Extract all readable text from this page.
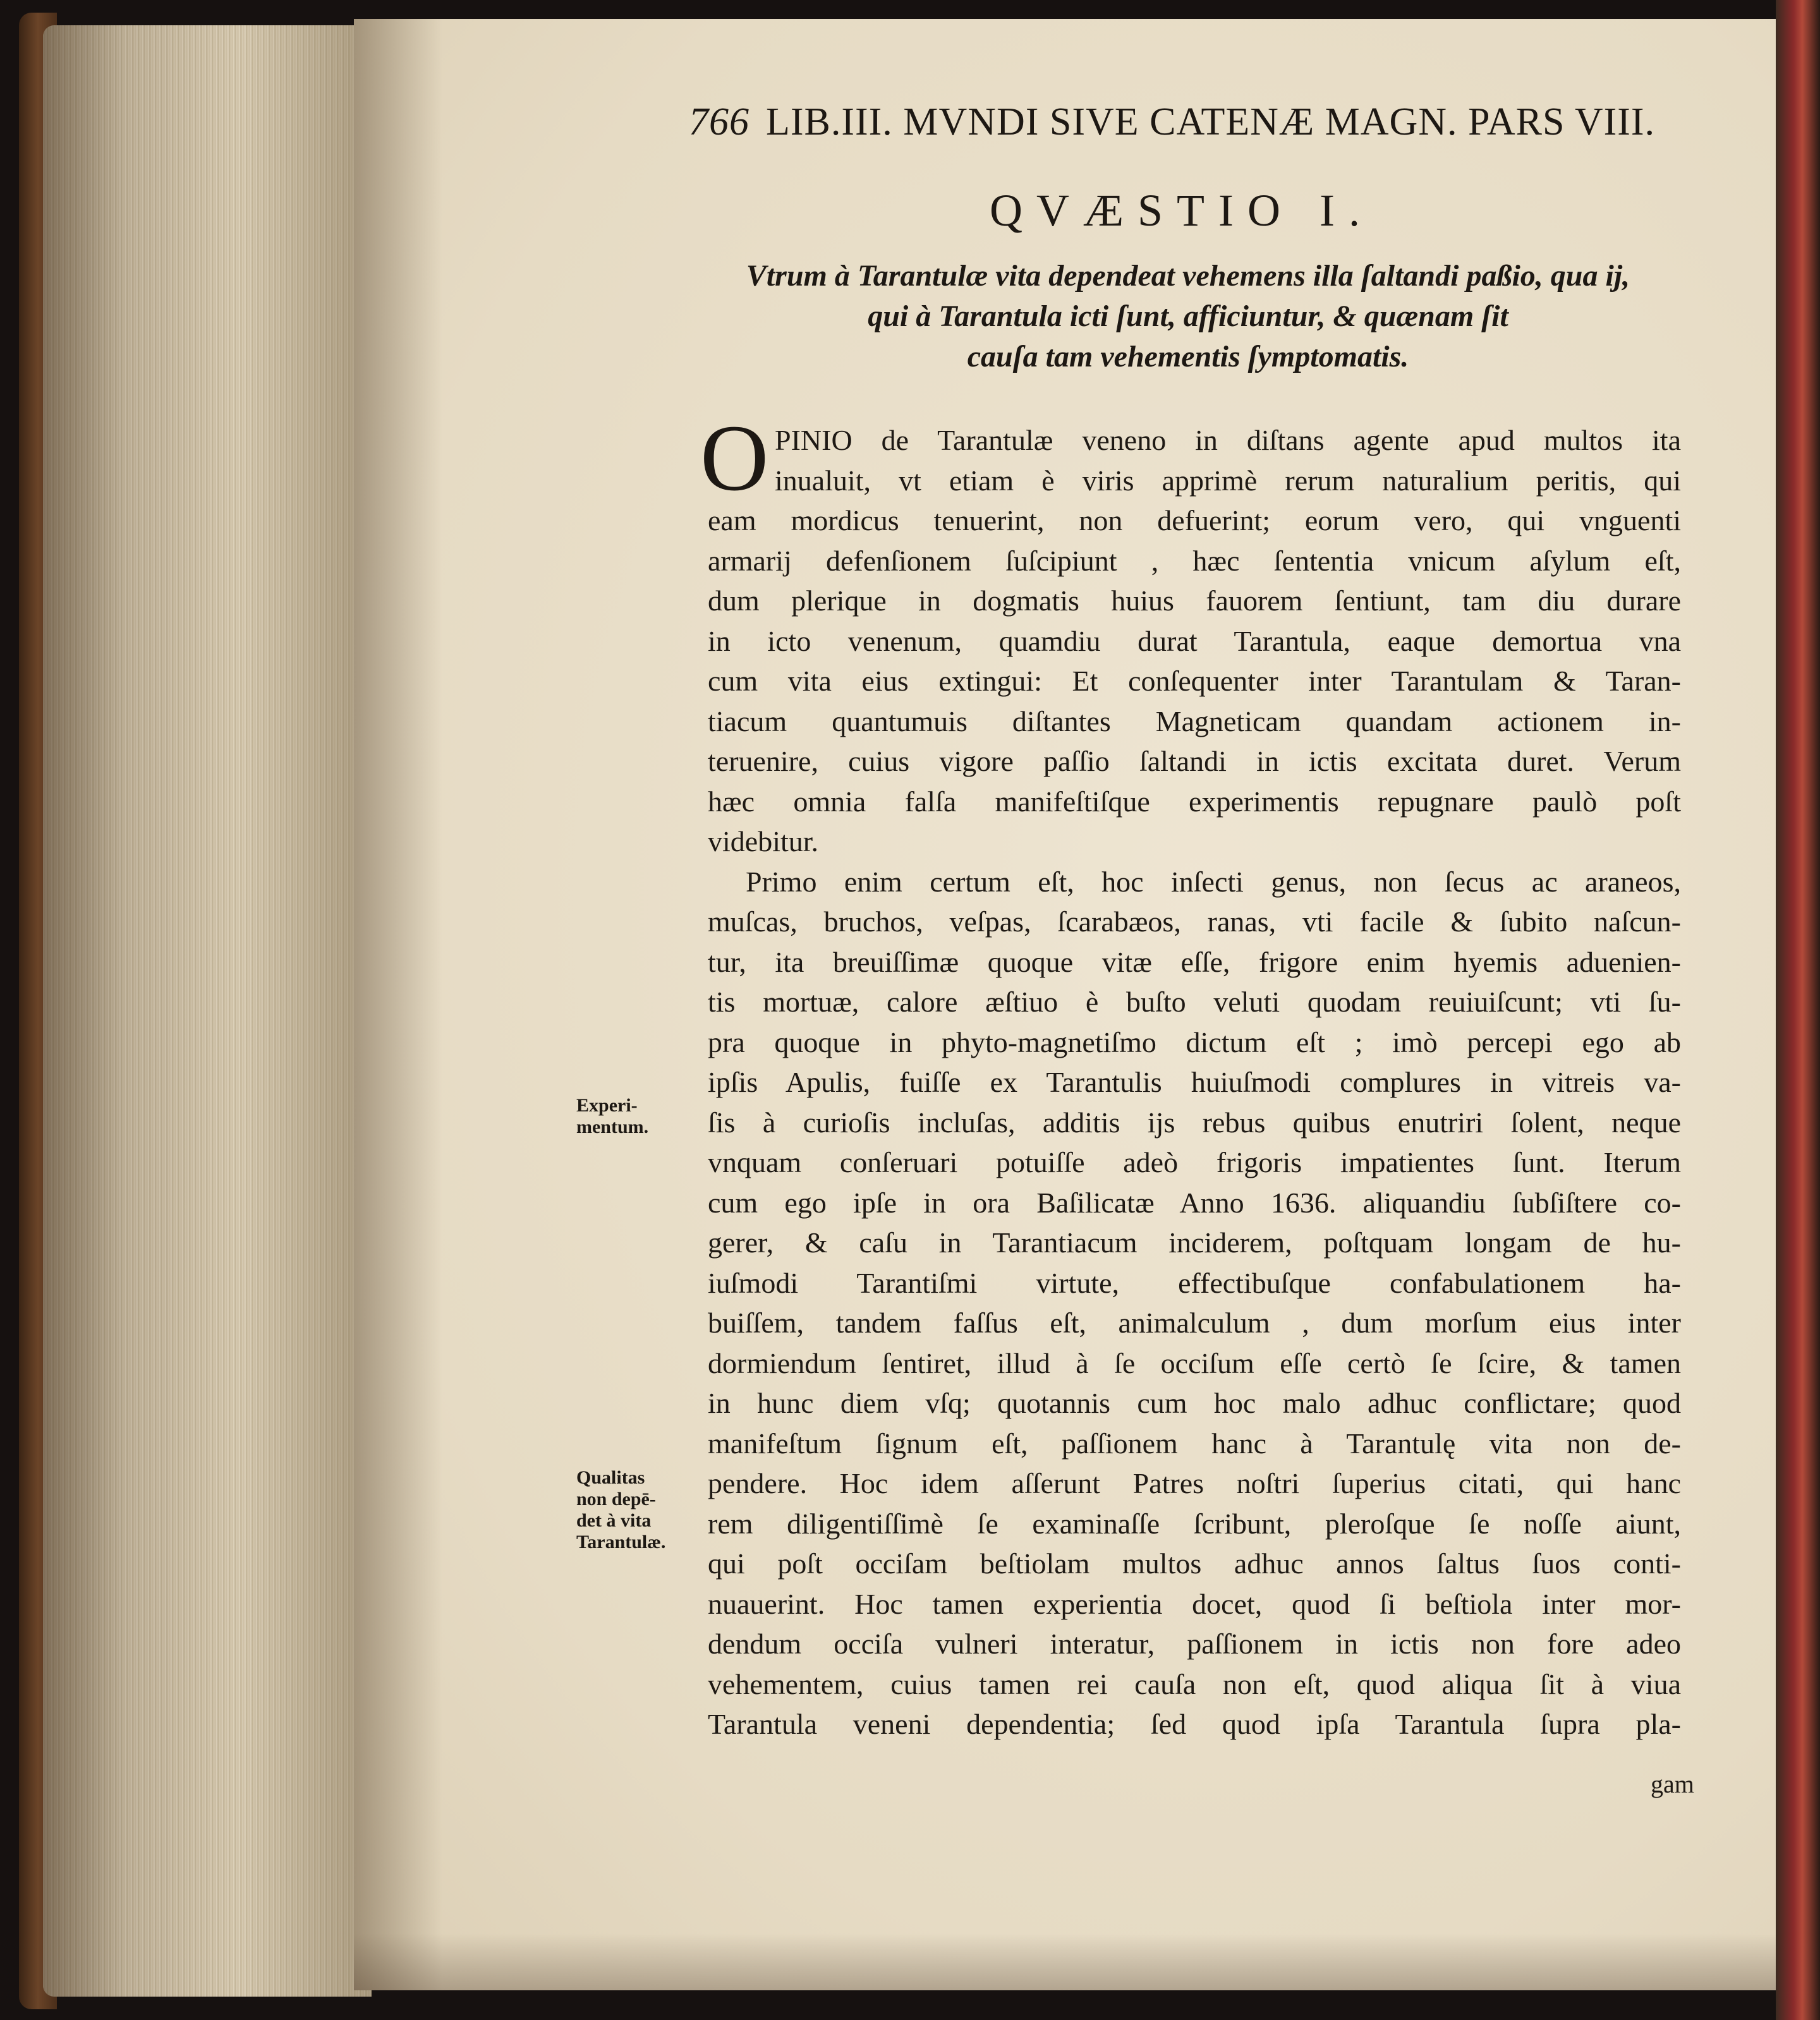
766 LIB.III. MVNDI SIVE CATENÆ MAGN. PARS VIII.
QVÆSTIO I.
Vtrum à Tarantulæ vita dependeat vehemens illa ſaltandi paßio, qua ij,
qui à Tarantula icti ſunt, afficiuntur, & quænam ſit
cauſa tam vehementis ſymptomatis.
O PINIO de Tarantulæ veneno in diſtans agente apud multos ita
inualuit, vt etiam è viris apprimè rerum naturalium peritis, qui
eam mordicus tenuerint, non defuerint; eorum vero, qui vnguenti
armarij defenſionem ſuſcipiunt , hæc ſententia vnicum aſylum eſt,
dum plerique in dogmatis huius fauorem ſentiunt, tam diu durare
in icto venenum, quamdiu durat Tarantula, eaque demortua vna
cum vita eius extingui: Et conſequenter inter Tarantulam & Taran-
tiacum quantumuis diſtantes Magneticam quandam actionem in-
teruenire, cuius vigore paſſio ſaltandi in ictis excitata duret. Verum
hæc omnia falſa manifeſtiſque experimentis repugnare paulò poſt
videbitur.
Primo enim certum eſt, hoc inſecti genus, non ſecus ac araneos,
muſcas, bruchos, veſpas, ſcarabæos, ranas, vti facile & ſubito naſcun-
tur, ita breuiſſimæ quoque vitæ eſſe, frigore enim hyemis aduenien-
tis mortuæ, calore æſtiuo è buſto veluti quodam reuiuiſcunt; vti ſu-
pra quoque in phyto-magnetiſmo dictum eſt ; imò percepi ego ab
ipſis Apulis, fuiſſe ex Tarantulis huiuſmodi complures in vitreis va-
ſis à curioſis incluſas, additis ijs rebus quibus enutriri ſolent, neque
vnquam conſeruari potuiſſe adeò frigoris impatientes ſunt. Iterum
cum ego ipſe in ora Baſilicatæ Anno 1636. aliquandiu ſubſiſtere co-
gerer, & caſu in Tarantiacum inciderem, poſtquam longam de hu-
iuſmodi Tarantiſmi virtute, effectibuſque confabulationem ha-
buiſſem, tandem faſſus eſt, animalculum , dum morſum eius inter
dormiendum ſentiret, illud à ſe occiſum eſſe certò ſe ſcire, & tamen
in hunc diem vſq; quotannis cum hoc malo adhuc conflictare; quod
manifeſtum ſignum eſt, paſſionem hanc à Tarantulę vita non de-
pendere. Hoc idem aſſerunt Patres noſtri ſuperius citati, qui hanc
rem diligentiſſimè ſe examinaſſe ſcribunt, pleroſque ſe noſſe aiunt,
qui poſt occiſam beſtiolam multos adhuc annos ſaltus ſuos conti-
nuauerint. Hoc tamen experientia docet, quod ſi beſtiola inter mor-
dendum occiſa vulneri interatur, paſſionem in ictis non fore adeo
vehementem, cuius tamen rei cauſa non eſt, quod aliqua ſit à viua
Tarantula veneni dependentia; ſed quod ipſa Tarantula ſupra pla-
gam
Experi-
mentum.
Qualitas
non depē-
det à vita
Tarantulæ.
